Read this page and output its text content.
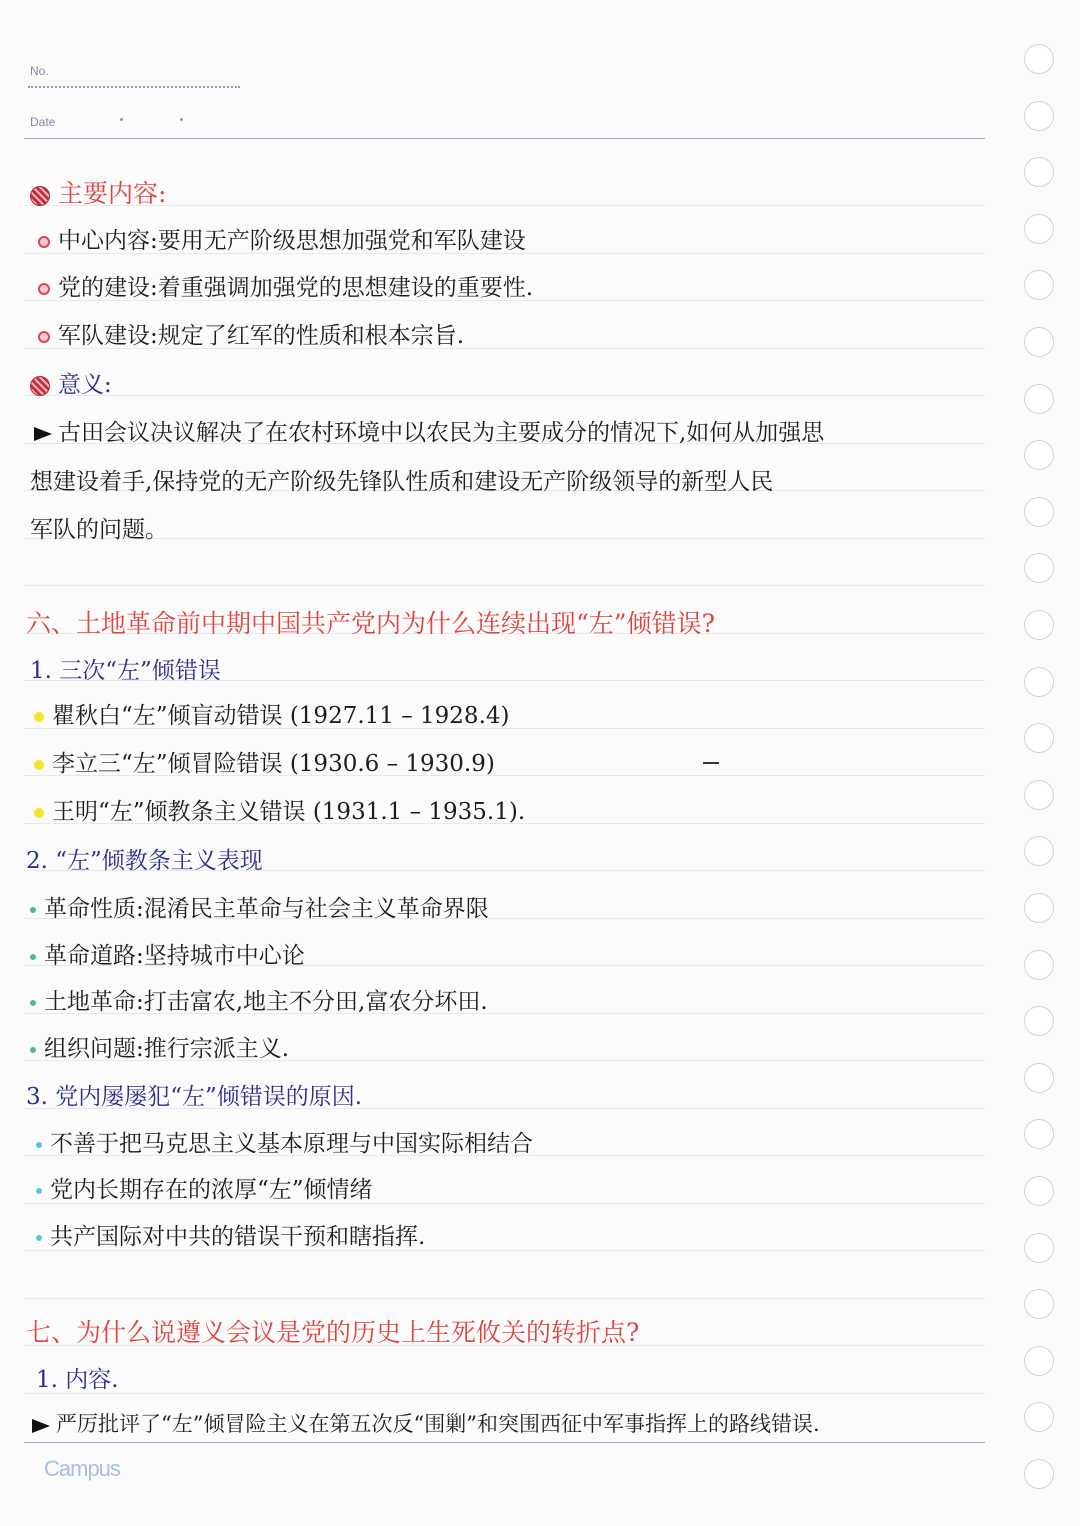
No.
Date
主要内容:
中心内容:要用无产阶级思想加强党和军队建设
党的建设:着重强调加强党的思想建设的重要性.
军队建设:规定了红军的性质和根本宗旨.
意义:
古田会议决议解决了在农村环境中以农民为主要成分的情况下,如何从加强思
想建设着手,保持党的无产阶级先锋队性质和建设无产阶级领导的新型人民
军队的问题。
六、土地革命前中期中国共产党内为什么连续出现“左”倾错误?
1. 三次“左”倾错误
瞿秋白“左”倾盲动错误 (1927.11 – 1928.4)
李立三“左”倾冒险错误 (1930.6 – 1930.9)
王明“左”倾教条主义错误 (1931.1 – 1935.1).
2. “左”倾教条主义表现
革命性质:混淆民主革命与社会主义革命界限
革命道路:坚持城市中心论
土地革命:打击富农,地主不分田,富农分坏田.
组织问题:推行宗派主义.
3. 党内屡屡犯“左”倾错误的原因.
不善于把马克思主义基本原理与中国实际相结合
党内长期存在的浓厚“左”倾情绪
共产国际对中共的错误干预和瞎指挥.
七、为什么说遵义会议是党的历史上生死攸关的转折点?
1. 内容.
严厉批评了“左”倾冒险主义在第五次反“围剿”和突围西征中军事指挥上的路线错误.
Campus
